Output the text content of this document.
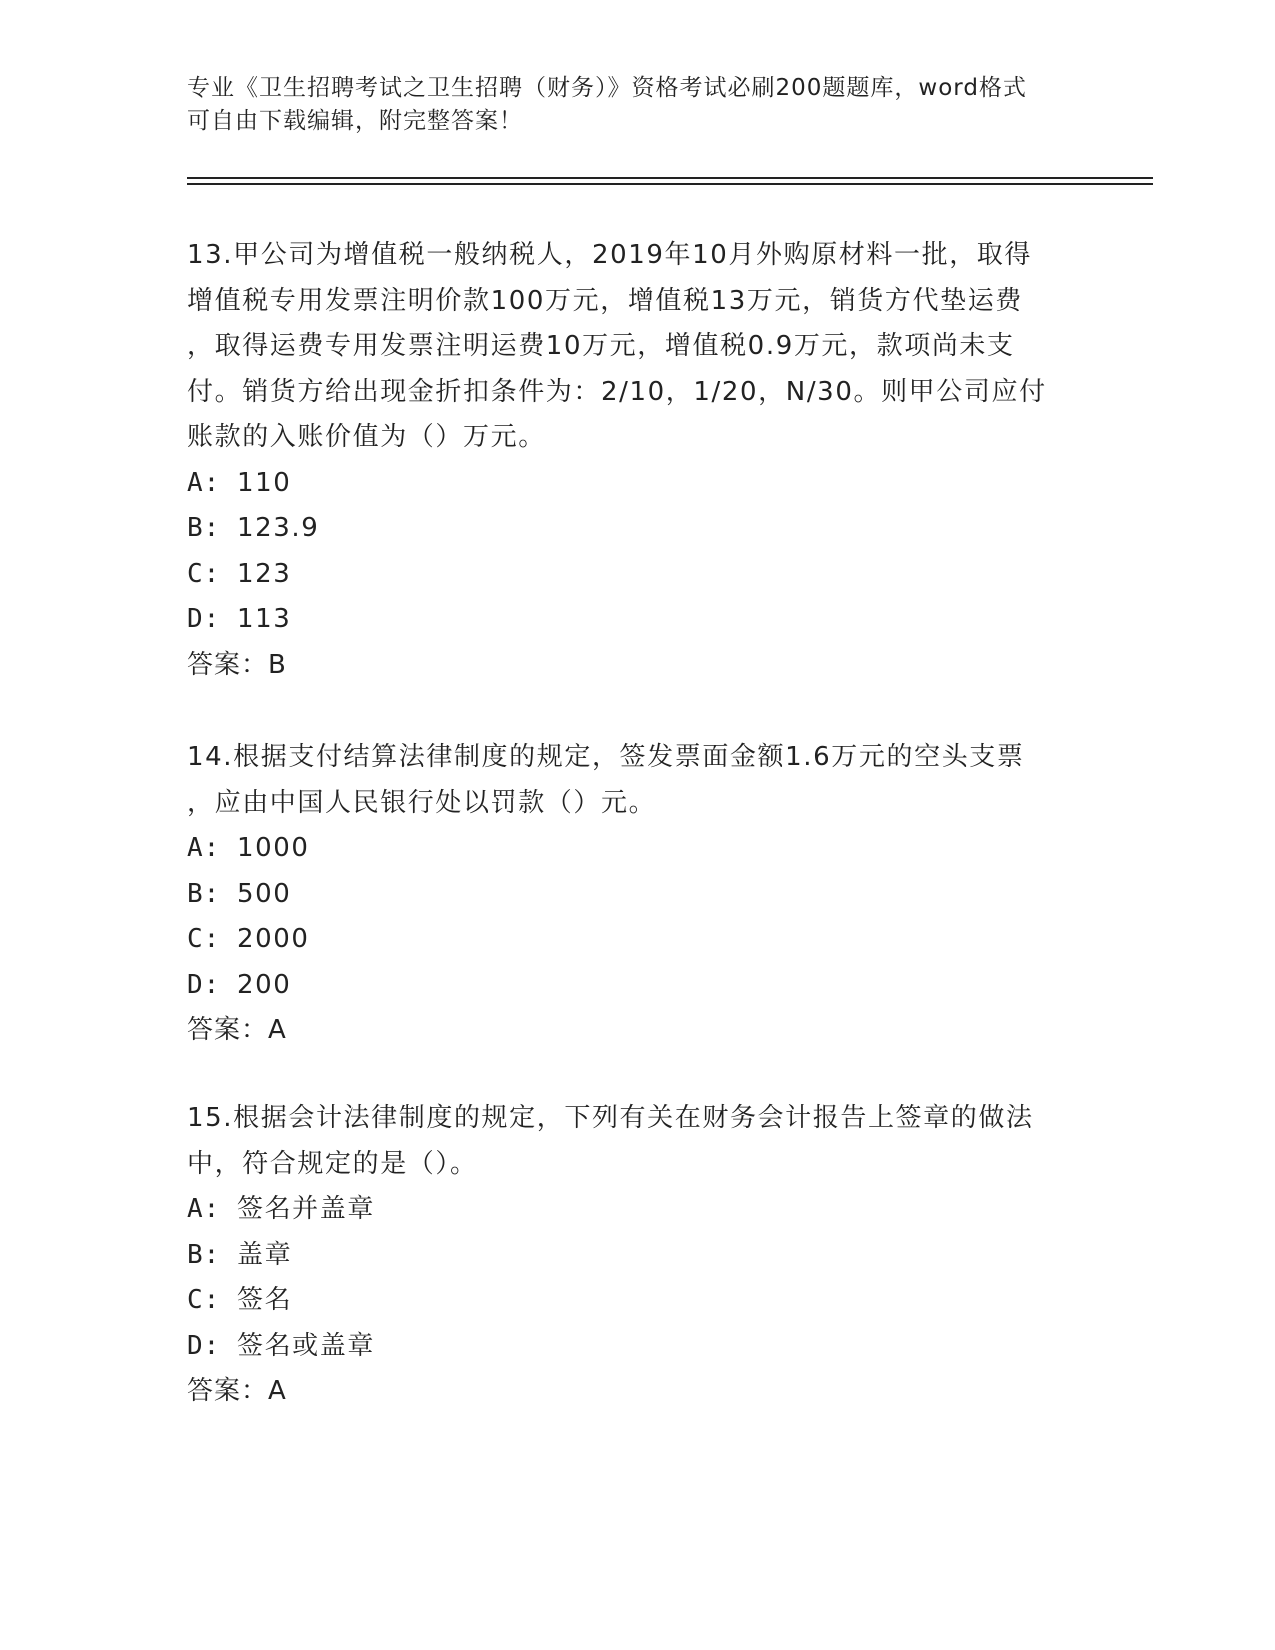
专业《卫生招聘考试之卫生招聘（财务）》资格考试必刷200题题库，word格式
可自由下载编辑，附完整答案！
13.甲公司为增值税一般纳税人，2019年10月外购原材料一批，取得
增值税专用发票注明价款100万元，增值税13万元，销货方代垫运费
，取得运费专用发票注明运费10万元，增值税0.9万元，款项尚未支
付。销货方给出现金折扣条件为：2/10，1/20，N/30。则甲公司应付
账款的入账价值为（）万元。
A: 110
B: 123.9
C: 123
D: 113
答案：B
14.根据支付结算法律制度的规定，签发票面金额1.6万元的空头支票
，应由中国人民银行处以罚款（）元。
A: 1000
B: 500
C: 2000
D: 200
答案：A
15.根据会计法律制度的规定，下列有关在财务会计报告上签章的做法
中，符合规定的是（）。
A: 签名并盖章
B: 盖章
C: 签名
D: 签名或盖章
答案：A
